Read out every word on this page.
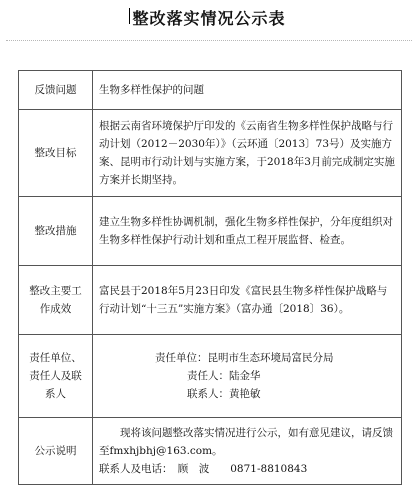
整改落实情况公示表
反馈问题	生物多样性保护的问题
整改目标	根据云南省环境保护厅印发的《云南省生物多样性保护战略与行动计划（2012－2030年）》（云环通〔2013〕73号）及实施方案、昆明市行动计划与实施方案，于2018年3月前完成制定实施方案并长期坚持。
整改措施	建立生物多样性协调机制，强化生物多样性保护，分年度组织对生物多样性保护行动计划和重点工程开展监督、检查。
整改主要工作成效	富民县于2018年5月23日印发《富民县生物多样性保护战略与行动计划“十三五”实施方案》（富办通〔2018〕36）。
责任单位、责任人及联系人	责任单位：昆明市生态环境局富民分局
责任人：陆金华
联系人：黄艳敏

公示说明	现将该问题整改落实情况进行公示，如有意见建议，请反馈至fmxhjbhj@163.com。
联系人及电话：　顾　波　　0871-8810843
